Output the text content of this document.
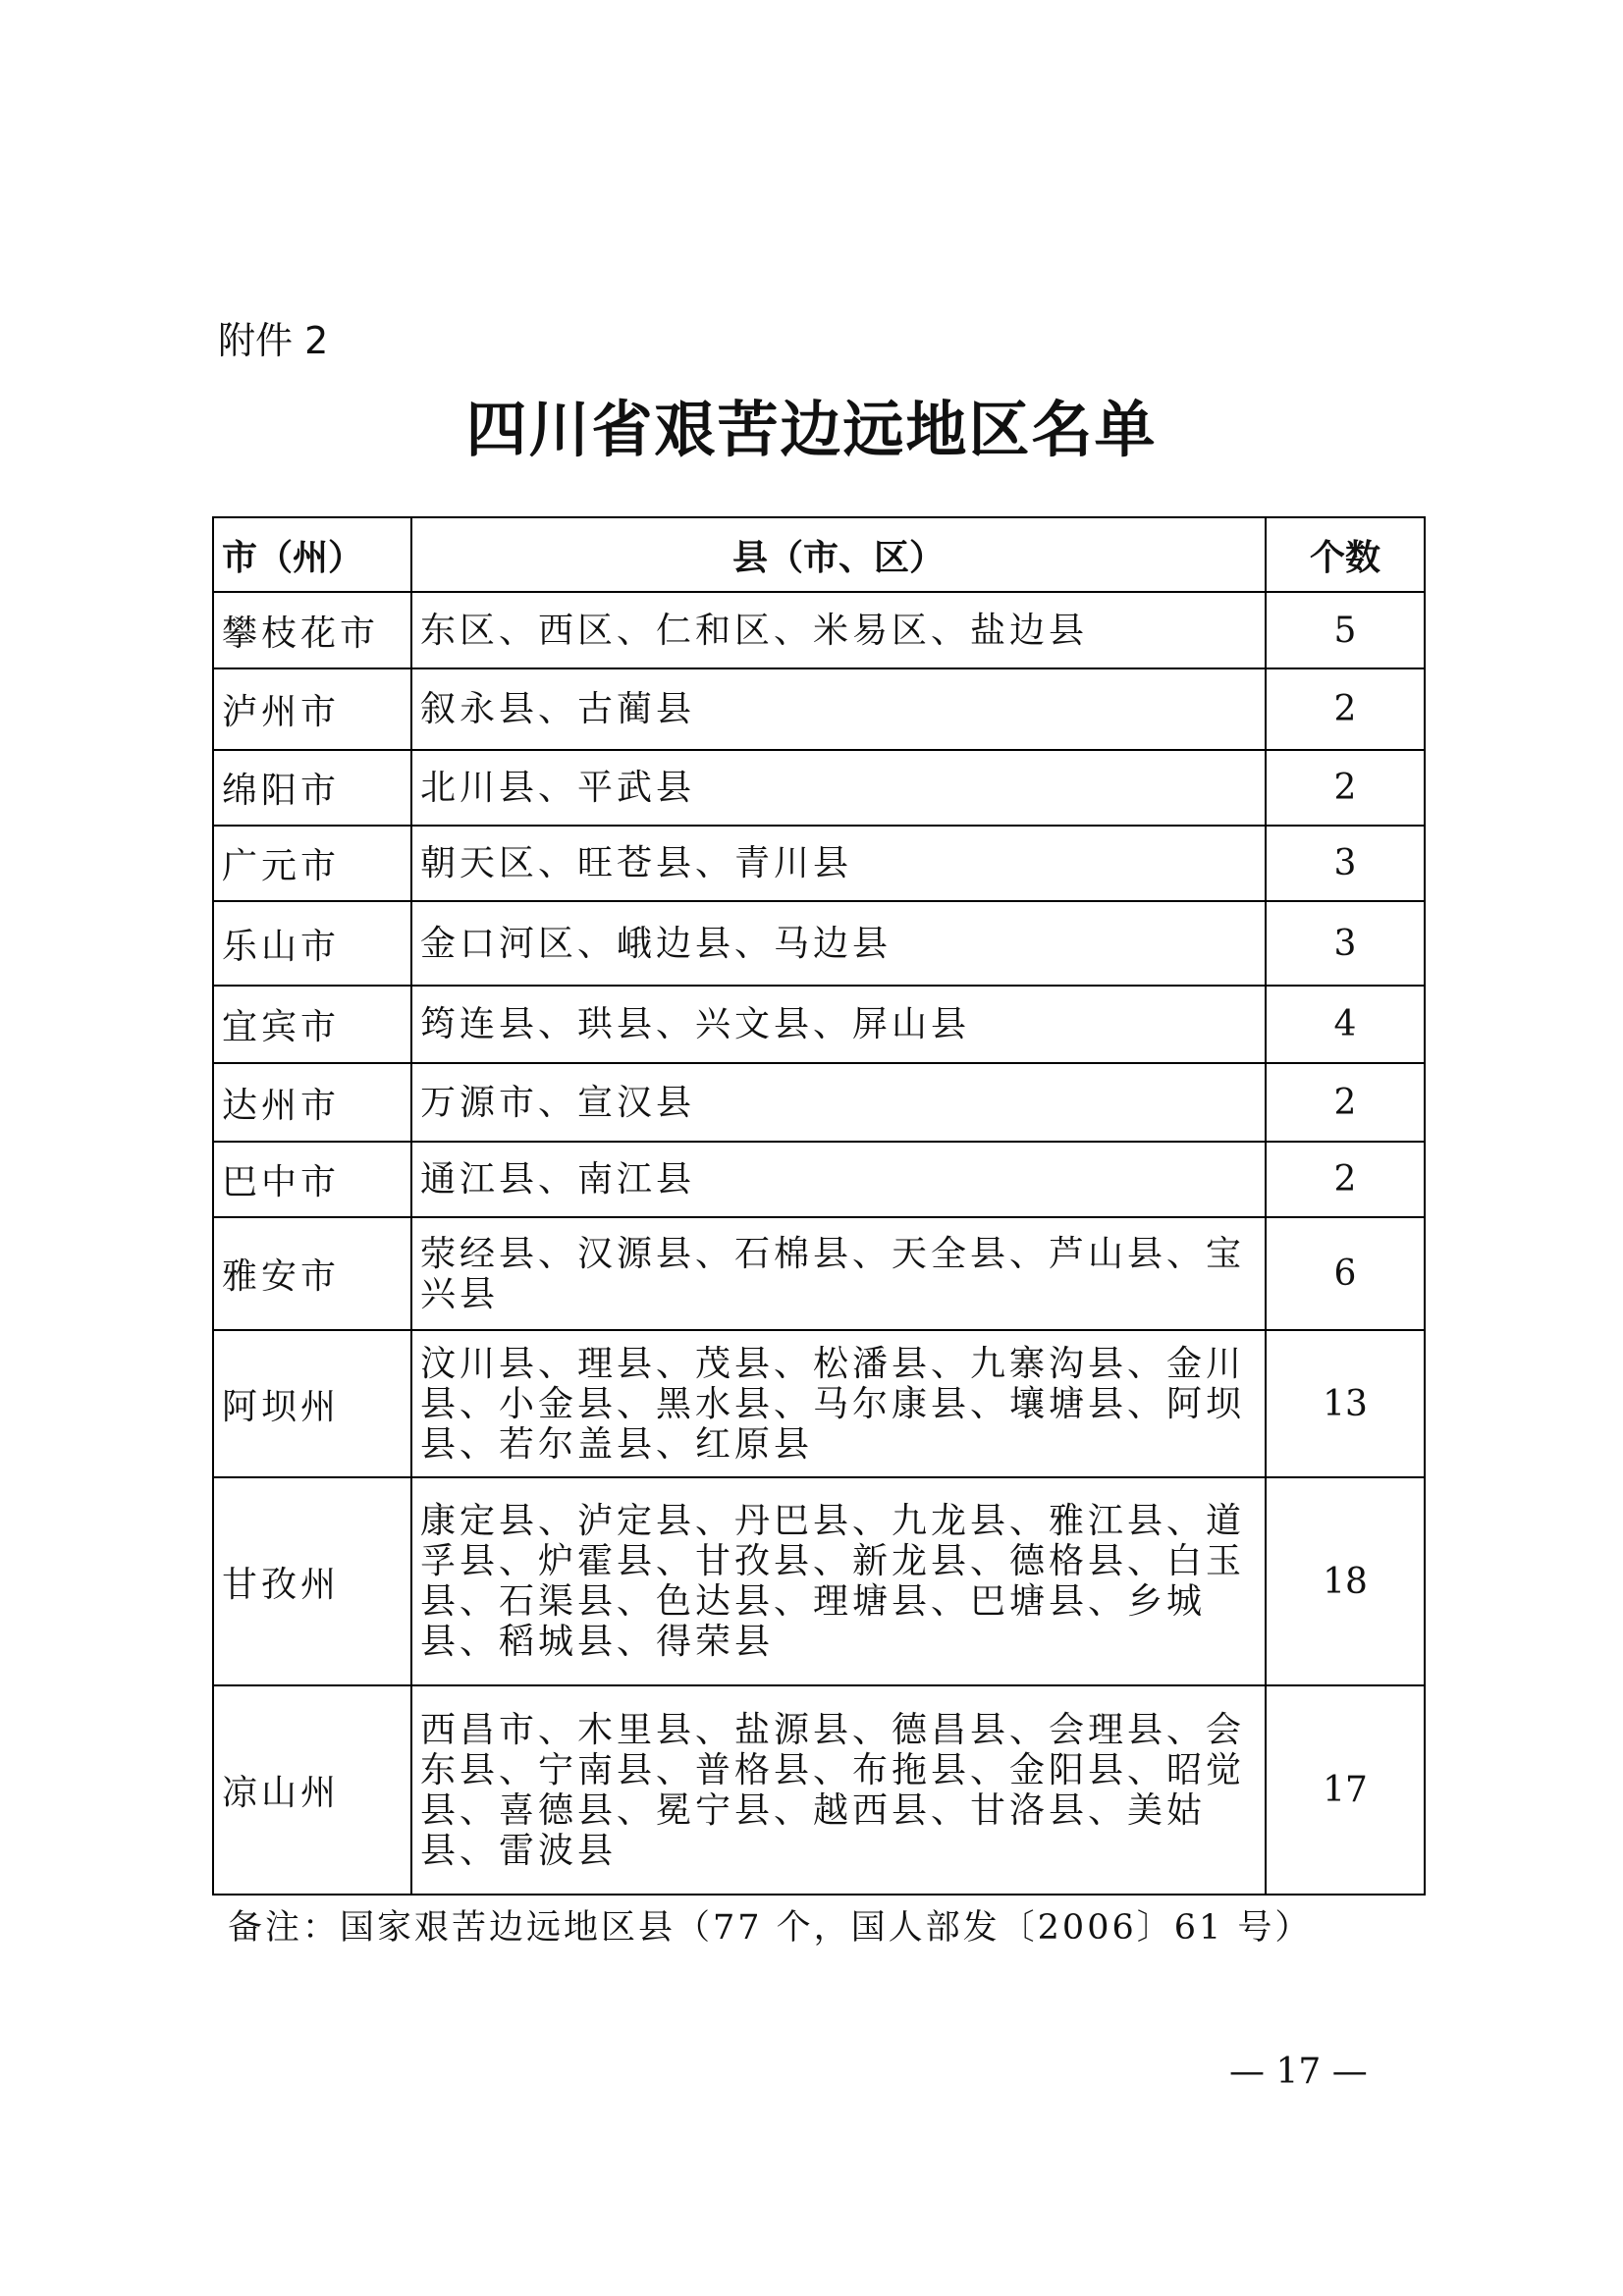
附件 2
四川省艰苦边远地区名单
市（州）	县（市、区）	个数
攀枝花市	东区、西区、仁和区、米易区、盐边县	5
泸州市	叙永县、古蔺县	2
绵阳市	北川县、平武县	2
广元市	朝天区、旺苍县、青川县	3
乐山市	金口河区、峨边县、马边县	3
宜宾市	筠连县、珙县、兴文县、屏山县	4
达州市	万源市、宣汉县	2
巴中市	通江县、南江县	2
雅安市	荥经县、汉源县、石棉县、天全县、芦山县、宝兴县	6
阿坝州	汶川县、理县、茂县、松潘县、九寨沟县、金川县、小金县、黑水县、马尔康县、壤塘县、阿坝县、若尔盖县、红原县	13
甘孜州	康定县、泸定县、丹巴县、九龙县、雅江县、道孚县、炉霍县、甘孜县、新龙县、德格县、白玉县、石渠县、色达县、理塘县、巴塘县、乡城县、稻城县、得荣县	18
凉山州	西昌市、木里县、盐源县、德昌县、会理县、会东县、宁南县、普格县、布拖县、金阳县、昭觉县、喜德县、冕宁县、越西县、甘洛县、美姑县、雷波县	17
备注：国家艰苦边远地区县（77 个，国人部发〔2006〕61 号）
— 17 —
